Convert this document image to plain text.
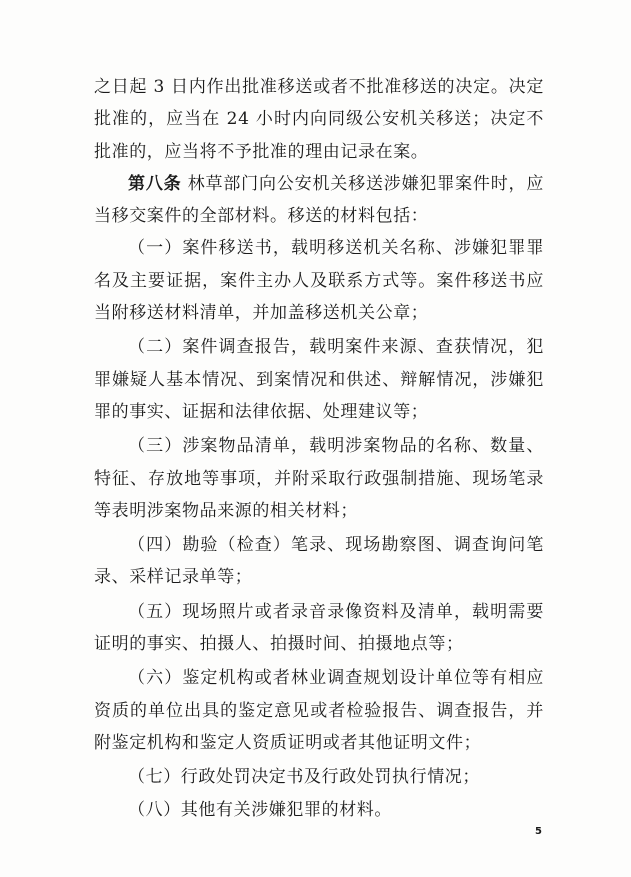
之日起 3 日内作出批准移送或者不批准移送的决定。决定批准的，应当在 24 小时内向同级公安机关移送；决定不批准的，应当将不予批准的理由记录在案。

第八条 林草部门向公安机关移送涉嫌犯罪案件时，应当移交案件的全部材料。移送的材料包括：

（一）案件移送书，载明移送机关名称、涉嫌犯罪罪名及主要证据，案件主办人及联系方式等。案件移送书应当附移送材料清单，并加盖移送机关公章；

（二）案件调查报告，载明案件来源、查获情况，犯罪嫌疑人基本情况、到案情况和供述、辩解情况，涉嫌犯罪的事实、证据和法律依据、处理建议等；

（三）涉案物品清单，载明涉案物品的名称、数量、特征、存放地等事项，并附采取行政强制措施、现场笔录等表明涉案物品来源的相关材料；

（四）勘验（检查）笔录、现场勘察图、调查询问笔录、采样记录单等；

（五）现场照片或者录音录像资料及清单，载明需要证明的事实、拍摄人、拍摄时间、拍摄地点等；

（六）鉴定机构或者林业调查规划设计单位等有相应资质的单位出具的鉴定意见或者检验报告、调查报告，并附鉴定机构和鉴定人资质证明或者其他证明文件；

（七）行政处罚决定书及行政处罚执行情况；

（八）其他有关涉嫌犯罪的材料。

5
